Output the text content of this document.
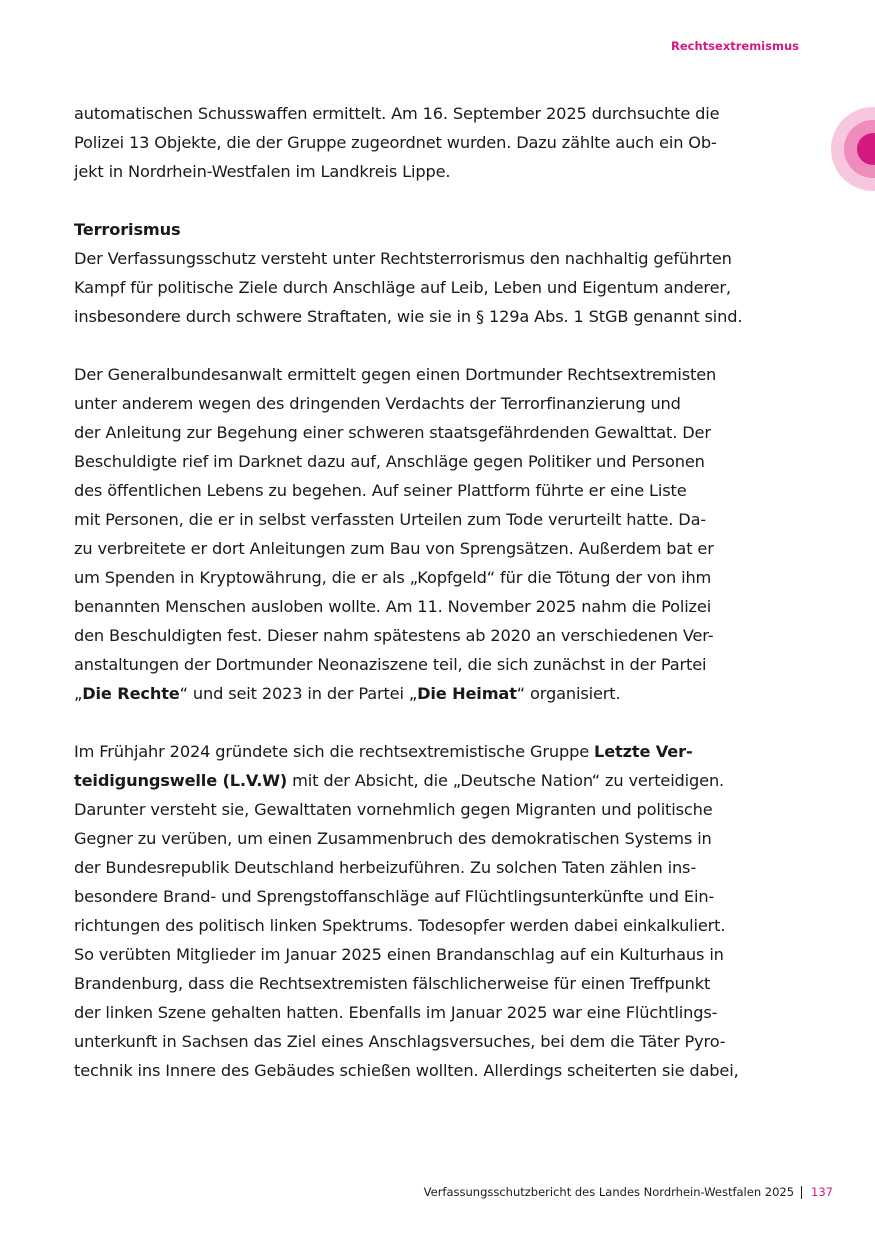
Rechtsextremismus
automatischen Schusswaffen ermittelt. Am 16. September 2025 durchsuchte die
Polizei 13 Objekte, die der Gruppe zugeordnet wurden. Dazu zählte auch ein Ob-
jekt in Nordrhein-Westfalen im Landkreis Lippe.
Terrorismus
Der Verfassungsschutz versteht unter Rechtsterrorismus den nachhaltig geführten
Kampf für politische Ziele durch Anschläge auf Leib, Leben und Eigentum anderer,
insbesondere durch schwere Straftaten, wie sie in § 129a Abs. 1 StGB genannt sind.
Der Generalbundesanwalt ermittelt gegen einen Dortmunder Rechtsextremisten
unter anderem wegen des dringenden Verdachts der Terrorfinanzierung und
der Anleitung zur Begehung einer schweren staatsgefährdenden Gewalttat. Der
Beschuldigte rief im Darknet dazu auf, Anschläge gegen Politiker und Personen
des öffentlichen Lebens zu begehen. Auf seiner Plattform führte er eine Liste
mit Personen, die er in selbst verfassten Urteilen zum Tode verurteilt hatte. Da-
zu verbreitete er dort Anleitungen zum Bau von Sprengsätzen. Außerdem bat er
um Spenden in Kryptowährung, die er als „Kopfgeld“ für die Tötung der von ihm
benannten Menschen ausloben wollte. Am 11. November 2025 nahm die Polizei
den Beschuldigten fest. Dieser nahm spätestens ab 2020 an verschiedenen Ver-
anstaltungen der Dortmunder Neonaziszene teil, die sich zunächst in der Partei
„Die Rechte“ und seit 2023 in der Partei „Die Heimat“ organisiert.
Im Frühjahr 2024 gründete sich die rechtsextremistische Gruppe Letzte Ver-
teidigungswelle (L.V.W) mit der Absicht, die „Deutsche Nation“ zu verteidigen.
Darunter versteht sie, Gewalttaten vornehmlich gegen Migranten und politische
Gegner zu verüben, um einen Zusammenbruch des demokratischen Systems in
der Bundesrepublik Deutschland herbeizuführen. Zu solchen Taten zählen ins-
besondere Brand- und Sprengstoffanschläge auf Flüchtlingsunterkünfte und Ein-
richtungen des politisch linken Spektrums. Todesopfer werden dabei einkalkuliert.
So verübten Mitglieder im Januar 2025 einen Brandanschlag auf ein Kulturhaus in
Brandenburg, dass die Rechtsextremisten fälschlicherweise für einen Treffpunkt
der linken Szene gehalten hatten. Ebenfalls im Januar 2025 war eine Flüchtlings-
unterkunft in Sachsen das Ziel eines Anschlagsversuches, bei dem die Täter Pyro-
technik ins Innere des Gebäudes schießen wollten. Allerdings scheiterten sie dabei,
Verfassungsschutzbericht des Landes Nordrhein-Westfalen 2025 137
